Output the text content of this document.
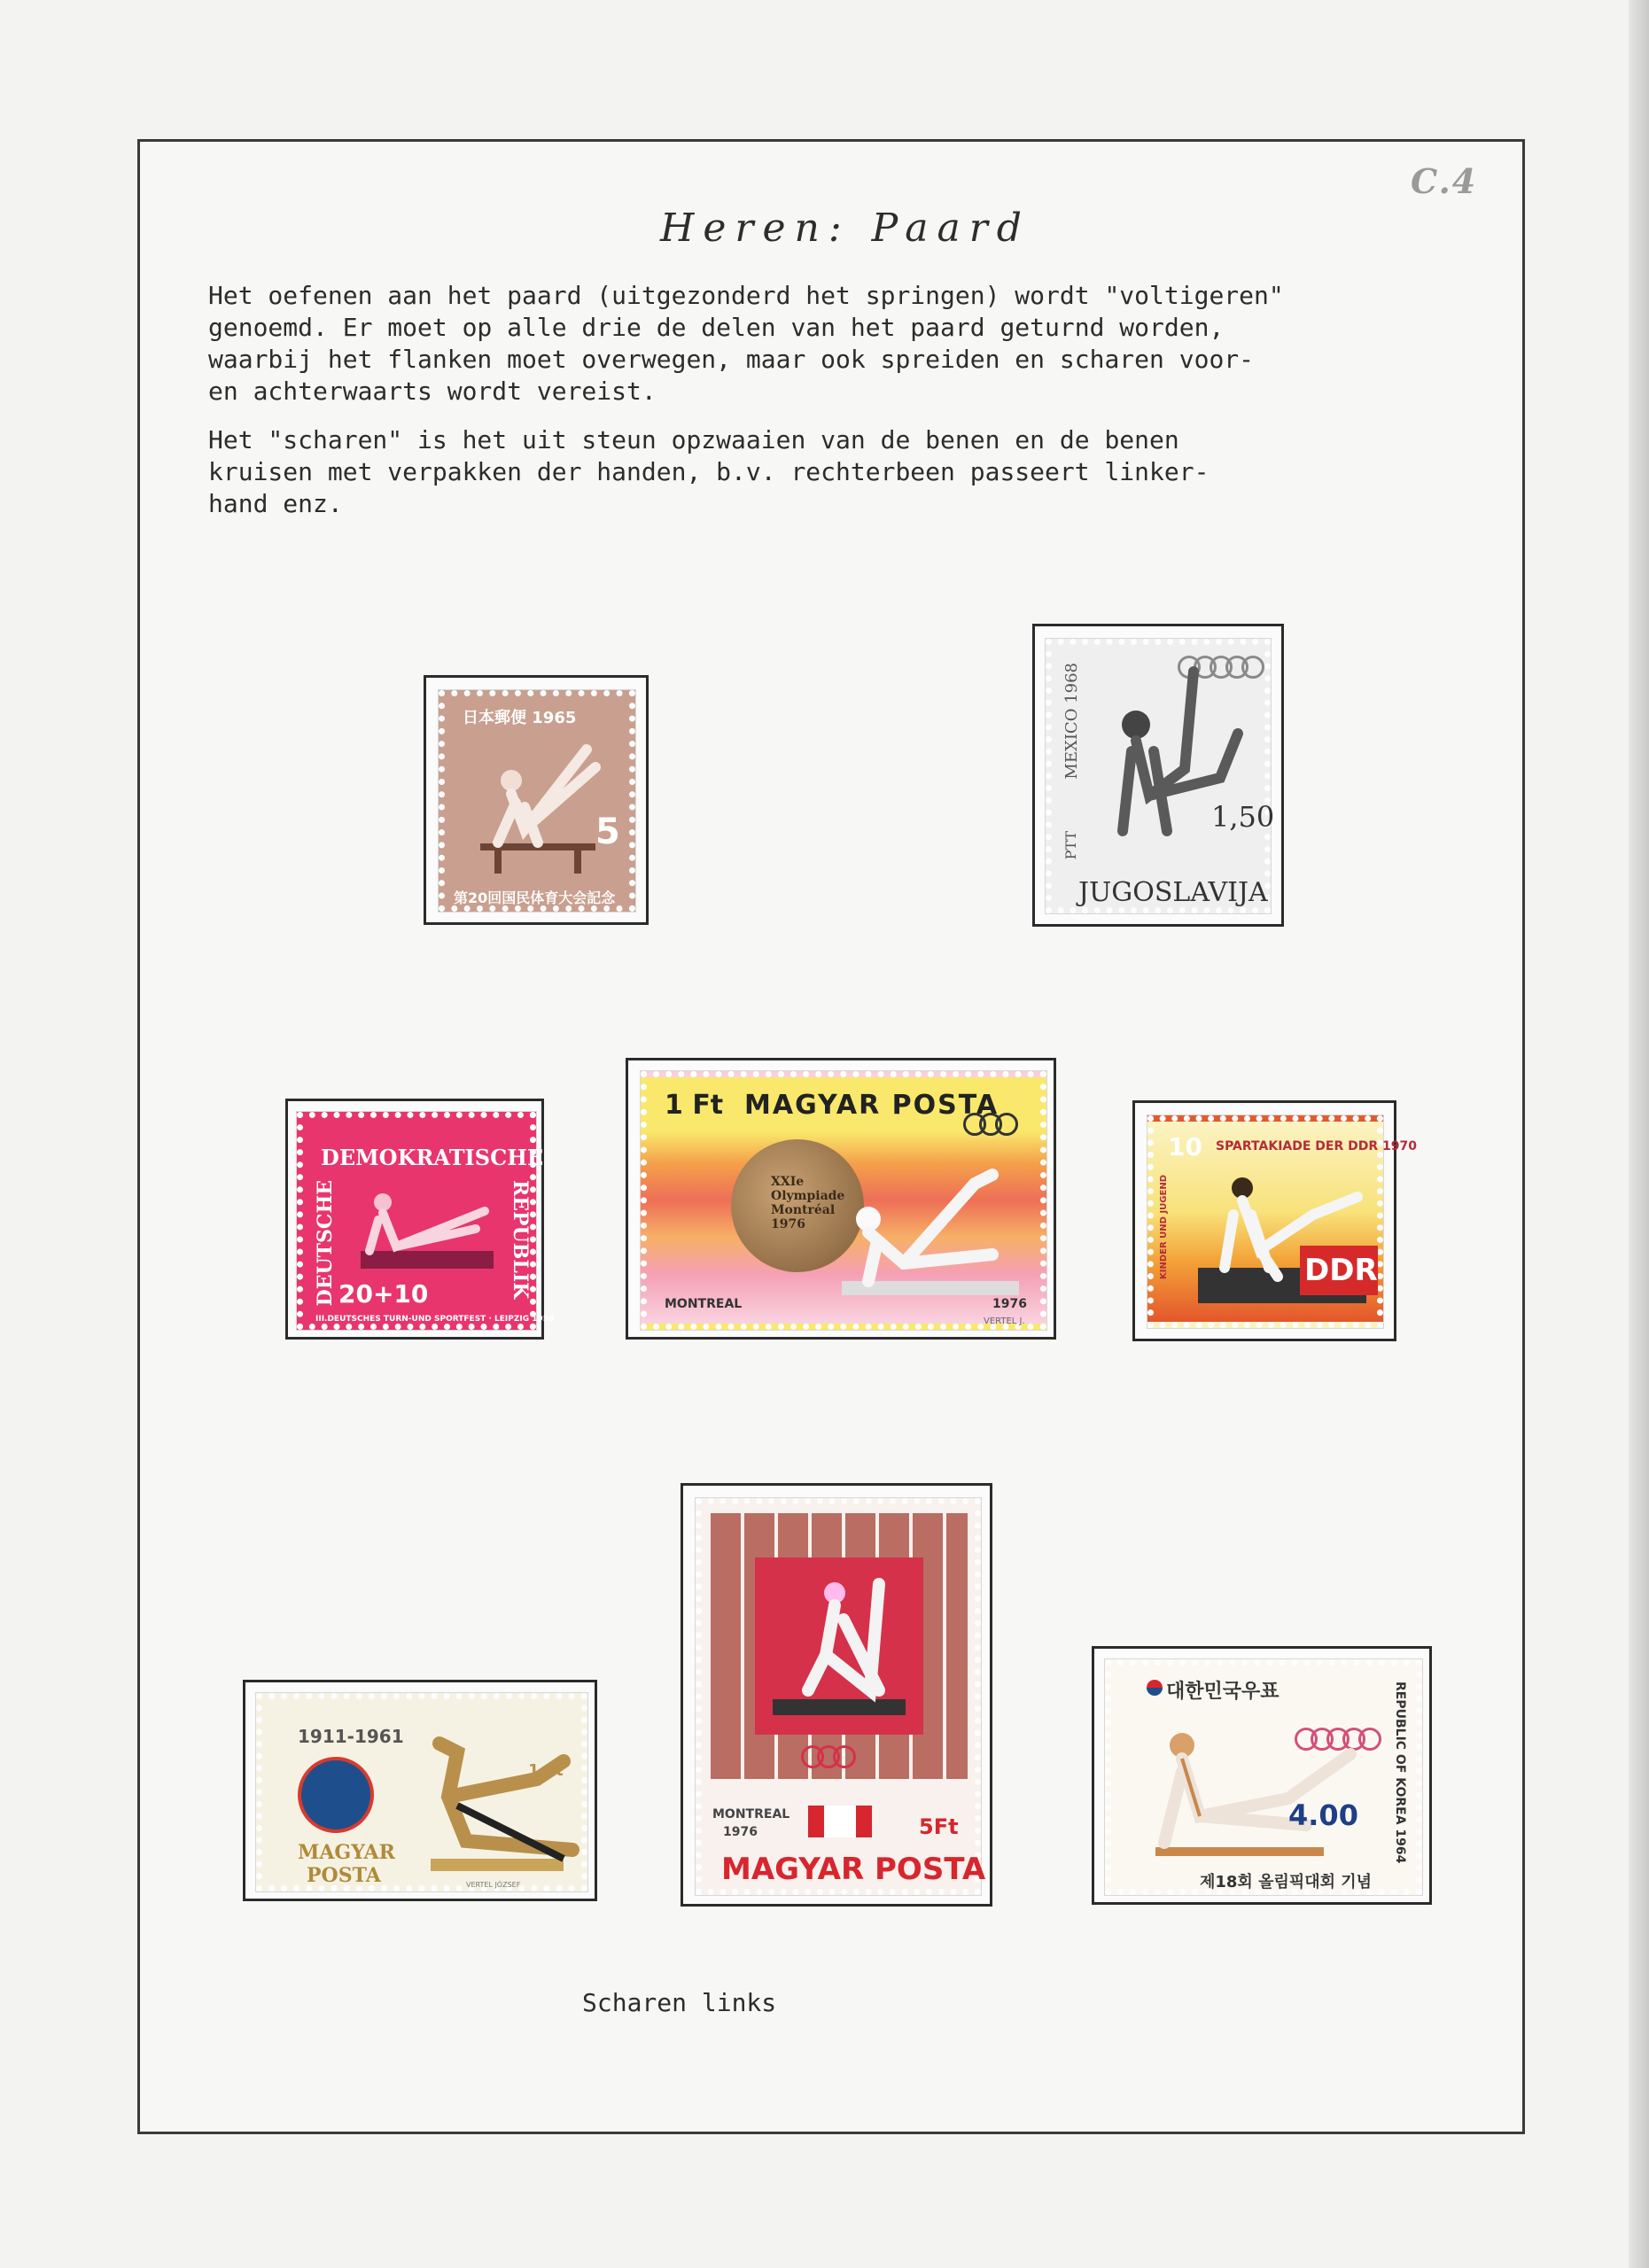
C.4
Heren: Paard

Het oefenen aan het paard (uitgezonderd het springen) wordt "voltigeren"
genoemd. Er moet op alle drie de delen van het paard geturnd worden,
waarbij het flanken moet overwegen, maar ook spreiden en scharen voor-
en achterwaarts wordt vereist.

Het "scharen" is het uit steun opzwaaien van de benen en de benen
kruisen met verpakken der handen, b.v. rechterbeen passeert linker-
hand enz.

日本郵便 1965
5
第20回国民体育大会記念
MEXICO 1968
PTT
1,50
JUGOSLAVIJA
DEMOKRATISCHE
DEUTSCHE	REPUBLIK
20+10
III.DEUTSCHES TURN-UND SPORTFEST · LEIPZIG 1959
1 Ft MAGYAR POSTA
XXIe Olympiade Montréal 1976
MONTREAL	1976
VERTEL J.
10 SPARTAKIADE DER DDR 1970
KINDER UND JUGEND	DDR
1911-1961
MAGYAR
POSTA
1 Ft
VERTEL JÓZSEF
MONTREAL
1976	5Ft
MAGYAR POSTA
대한민국우표	REPUBLIC OF KOREA 1964
4.00
제18회 올림픽대회 기념
Scharen links
